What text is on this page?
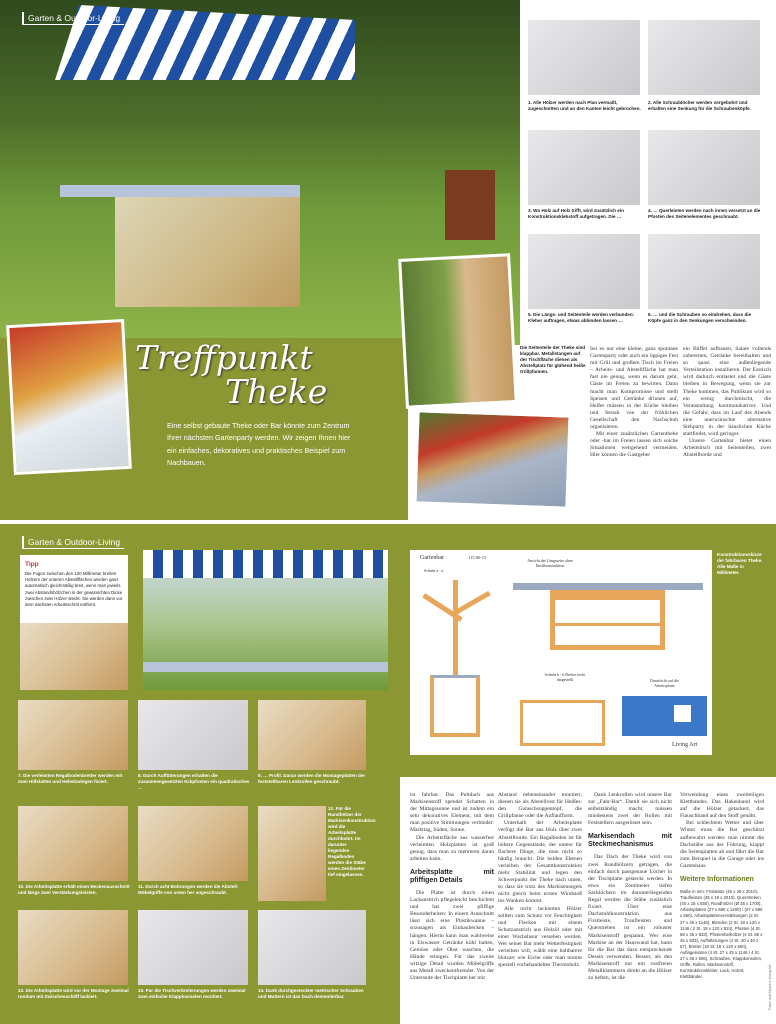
Garten & Outdoor-Living
Treffpunkt
Theke
Eine selbst gebaute Theke oder Bar könnte zum Zentrum Ihrer nächsten Gartenparty werden. Wir zeigen Ihnen hier ein einfaches, dekoratives und praktisches Beispiel zum Nachbauen.
Die Seitenteile der Theke sind klappbar. Metallstangen auf der Tischfläche dienen als Abstellplatz für glühend heiße Grillpfannen.
1. Alle Hölzer werden nach Plan vermaßt, zugeschnitten und an den Kanten leicht gebrochen.
2. Alle Schraublöcher werden vorgebohrt und erhalten eine Senkung für die Schraubenköpfe.
3. Wo Holz auf Holz trifft, wird zusätzlich ein Konstruktionsklebstoff aufgetragen. Die …
4. … Querleisten werden nach innen versetzt an die Pfosten des Seitenelementes geschraubt.
5. Die Längs- und Seitenteile werden verbunden: Kleber auftragen, etwas abbinden lassen …
6. … und die Schrauben so eindrehen, dass die Köpfe ganz in den Senkungen verschwinden.

Sei es nur eine kleine, ganz spontane Gartenparty oder auch ein üppiges Fest mit Grill und großem Tisch im Freien – Arbeits- und Abstellfläche hat man fast nie genug, wenn es darum geht, Gäste im Freien zu bewirten. Dann macht man Kompromisse und stellt Speisen und Getränke drinnen auf, Helfer müssen in der Küche bleiben und fernab von der fröhlichen Gesellschaft den Nachschub organisieren.

Mit einer zusätzlichen Gartentheke oder -bar im Freien lassen sich solche Situationen weitgehend vermeiden. Hier können die Gastgeber

ein Büffet aufbauen, Salate vollends zubereiten, Getränke bereithalten und so quasi eine außenliegende Verteilstation installieren. Der Esstisch wird dadurch entlastet und die Gäste bleiben in Bewegung, wenn sie zur Theke kommen, das Publikum wird so ein wenig durchmischt, die Veranstaltung kommunikativer. Und die Gefahr, dass im Lauf des Abends eine unerwünschte alternative Stehparty in der häuslichen Küche stattfindet, wird geringer.

Unsere Gartenbar bietet einen Arbeitstisch mit Seitenteilen, zwei Abstellborde und

Garten & Outdoor-Living
Tipp
Die Fugen zwischen den 120 Millimeter breiten Hölzern der unteren Abstellflächen werden ganz automatisch gleichmäßig breit, wenn man jeweils zwei Abstandshölzchen in der gewünschten Dicke zwischen zwei Hölzer steckt. Sie werden dann vor dem nächsten Arbeitsschritt entfernt.
Gartenbar	115.06-15
Schnitt a - a
Ansicht der Längsseite ohne Dachkonstruktion
Schnitt b - b Bretter nicht dargestellt	Draufsicht auf die Arbeitsplatte
Living Art
Konstruktionsskizze der fahrbaren Theke. Alle Maße in Millimeter.
7. Die verleimten Regalbodenbretter werden mit zwei Hilfslatten und Hebelzwingen fixiert.
8. Durch Auffütterungen erhalten die zusammengesetzten Eckpfosten ein quadratisches …
9. … Profil. Daran werden die Montageplatten der feststellbaren Lenkrollen geschraubt.
10. Die Arbeitsplatte erhält einen Beckenausschnitt und längs zwei Verstärkungsleisten.
11. Durch acht Bohrungen werden die Abstell-Möbelgriffe von unten her angeschraubt.
12. Für die Rundhölzer der Markisenkonstruktion wird die Arbeitsplatte durchbohrt. Im darunter liegenden Regalboden werden die Stäbe einen Zentimeter tief eingelassen.
13. Die Arbeitsplatte wird vor der Montage zweimal rundum mit Zwischenschliff lackiert.
13. Für die Tischverbreiterungen werden zweimal zwei einfache Klappkonsolen montiert.
14. Dank durchgesteckter metrischer Schrauben und Muttern ist das Dach demontierbar.

ist fahrbar. Das Pultdach aus Markisenstoff spendet Schatten in der Mittagssonne und ist zudem ein sehr dekoratives Element, mit dem man positive Stimmungen verbindet: Markttag, Süden, Sonne.

Die Arbeitsfläche aus wasserfest verleimten Holzplatten ist groß genug, dass man zu mehreren daran arbeiten kann.

Arbeitsplatte mit pfiffigen Details

Die Platte ist durch einen Lackanstrich pflegeleicht beschichtet und hat zwei pfiffige Besonderheiten: In einem Ausschnitt lässt sich eine Plastikwanne – sozusagen als Einhaubecken – hängen. Hierin kann man wahlweise in Eiswasser Getränke kühl halten, Gemüse oder Obst waschen, die Hände reinigen. Für das zweite witzige Detail wurden Möbelgriffe aus Metall zweckentfremdet. Von der Unterseite der Tischplatte her mit

Abstand nebeneinander montiert, dienen sie als Abstellrost für Heißes: den Gulaschsuppentopf, die Grillpfanne oder die Auflaufform.

Unterhalb der Arbeitsplatte verfügt die Bar aus Holz über zwei Abstellborde. Ein Regalboden ist für höhere Gegenstände, der untere für flachere Dinge, die man nicht so häufig braucht. Die beiden Ebenen verleihen der Gesamtkonstruktion mehr Stabilität und legen den Schwerpunkt der Theke nach unten, so dass sie trotz des Markisensegels nicht gleich beim ersten Windstoß ins Wanken kommt.

Alle nicht lackierten Hölzer sollten zum Schutz vor Feuchtigkeit und Flecken mit einem Schutzanstrich aus Holzöl oder mit einer Wachslasur versehen werden. Wer seiner Bar mehr Wetterfestigkeit verleihen will, wählt eine haltbarere Holzart wie Eiche oder man nimmt speziell vorbehandeltes Thermoholz.

Dank Lenkrollen wird unsere Bar zur „Fahr-Bar“. Damit sie sich nicht selbstständig macht, müssen mindestens zwei der Rollen mit Feststellern ausgerüstet sein.

Markisendach mit Steckmechanismus

Das Dach der Theke wird von zwei Rundhölzern getragen, die einfach durch passgenaue Löcher in der Tischplatte gesteckt werden. In etwa ein Zentimeter tiefen Sacklöchern im darunterliegenden Regal werden die Stäbe zusätzlich fixiert. Über eine Dachstuhlkonstruktion aus Firstleiste, Traufleisten und Querstreben ist ein robuster Markisenstoff gespannt. Wer eine Markise an der Hauswand hat, kann für die Bar das dazu entsprechende Dessin verwenden. Besser, als den Markisenstoff nur mit rostfreien Metallklammern direkt an die Hölzer zu heften, ist die

Verwendung eines zweiteiligen Klettbandes. Das Hakenband wird auf die Hölzer getackert, das Flauschband auf den Stoff genäht.

Bei schlechtem Wetter und über Winter muss die Bar geschützt aufbewahrt werden: man nimmt die Dachstäbe aus der Führung, klappt die Seitenplatten ab und fährt die Bar zum Beispiel in die Garage oder ins Gartenhaus.

Weitere Informationen
Maße in mm: Firstleiste (45 x 28 x 2010), Traufleisten (45 x 18 x 2010), Querstreben (40 x 18 x 550), Rundhölzer (Ø 35 x 1700), Arbeitsplatten (27 x 680 x 1200) / (27 x 680 x 550), Arbeitsplattenverstärkungen (2 St. 27 x 45 x 1146), Blenden (2 St. 18 x 120 x 1146 / 2 St. 18 x 120 x 524), Pfosten (4 St. 68 x 45 x 833), Pfostenbeihölzer (4 St. 68 x 45 x 833), Auffütterungen (4 St. 40 x 40 x 57), Bretter (18 St. 18 x 120 x 560), Auflageleisten (4 St. 27 x 45 x 1146 / 4 St. 27 x 45 x 506), Schrauben, Klappkonsolen, Griffe, Rollen, Markisenstoff, Konstruktionskleber, Lack, Holzöl, Klettbänder.	Fotos und Skizzen: Living Art
